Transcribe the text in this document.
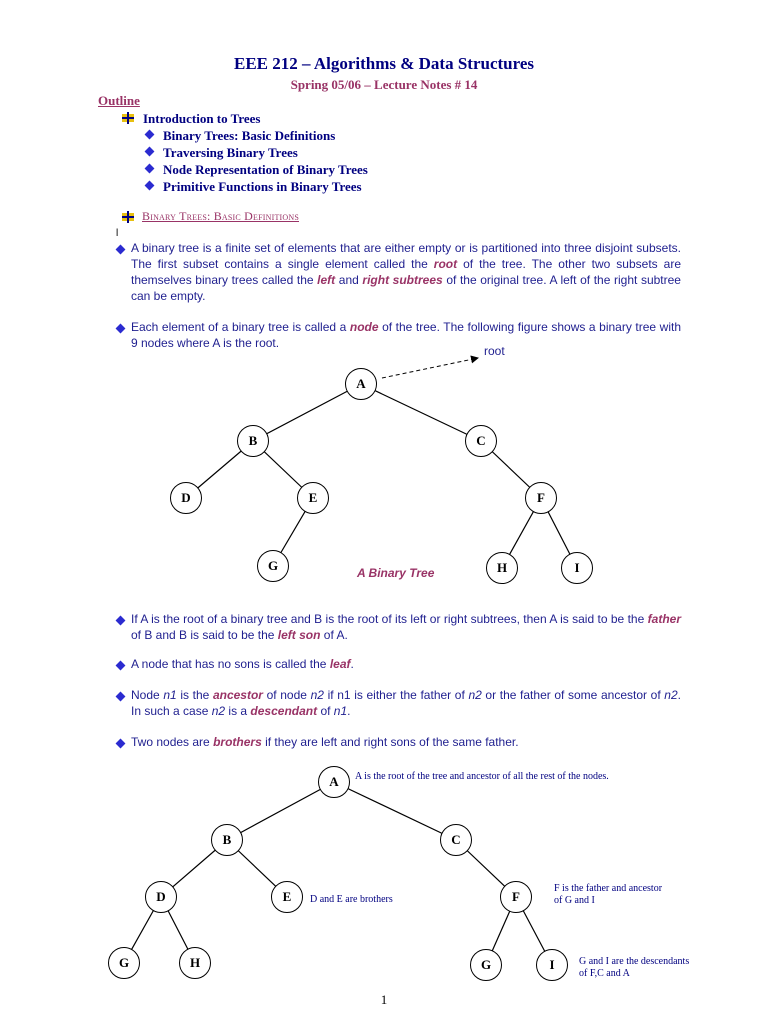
EEE 212 – Algorithms & Data Structures
Spring 05/06 – Lecture Notes # 14
Outline
Introduction to Trees
Binary Trees: Basic Definitions
Traversing Binary Trees
Node Representation of Binary Trees
Primitive Functions in Binary Trees
Binary Trees: Basic Definitions
l
A binary tree is a finite set of elements that are either empty or is partitioned into three disjoint subsets. The first subset contains a single element called the root of the tree. The other two subsets are themselves binary trees called the left and right subtrees of the original tree. A left of the right subtree can be empty.
Each element of a binary tree is called a node of the tree. The following figure shows a binary tree with 9 nodes where A is the root.
root
A
B	C
D	E	F
G	H	I
A Binary Tree
If A is the root of a binary tree and B is the root of its left or right subtrees, then A is said to be the father of B and B is said to be the left son of A.
A node that has no sons is called the leaf.
Node n1 is the ancestor of node n2 if n1 is either the father of n2 or the father of some ancestor of n2. In such a case n2 is a descendant of n1.
Two nodes are brothers if they are left and right sons of the same father.
A
B	C
D	E	F
G	H	G	I
A is the root of the tree and ancestor of all the rest of the nodes.
D and E are brothers
F is the father and ancestor
of G and I
G and I are the descendants
of F,C and A
1
